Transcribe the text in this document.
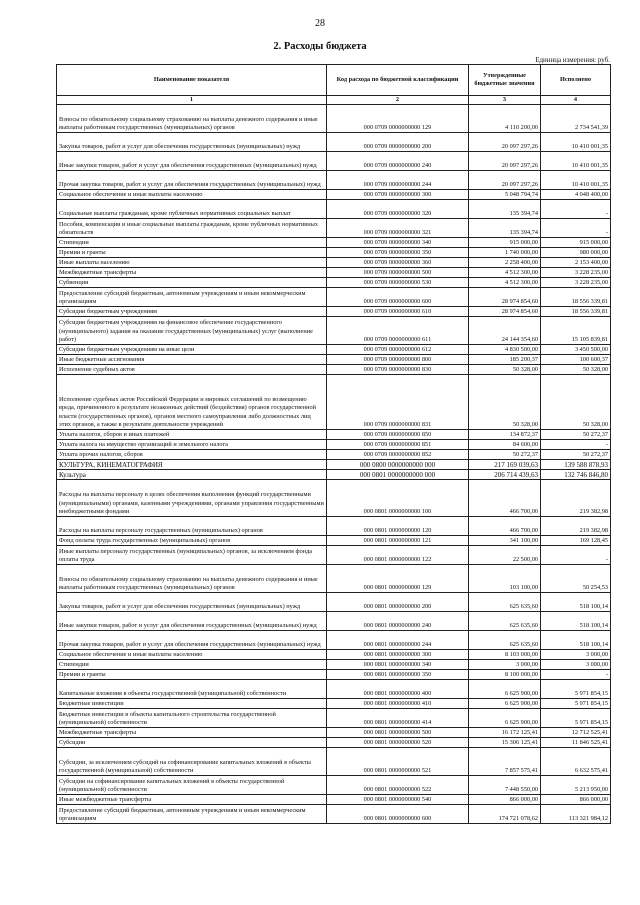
28
2. Расходы бюджета
Единица измерения: руб.
Наименование показателя	Код расхода по бюджетной классификации	Утвержденные бюджетные значения	Исполнено
1	2	3	4
Взносы по обязательному социальному страхованию на выплаты денежного содержания и иные выплаты работникам государственных (муниципальных) органов	000 0709 0000000000 129	4 110 200,00	2 734 541,39
Закупка товаров, работ и услуг для обеспечения государственных (муниципальных) нужд	000 0709 0000000000 200	20 097 297,26	10 410 001,35
Иные закупки товаров, работ и услуг для обеспечения государственных (муниципальных) нужд	000 0709 0000000000 240	20 097 297,26	10 410 001,35
Прочая закупка товаров, работ и услуг для обеспечения государственных (муниципальных) нужд	000 0709 0000000000 244	20 097 297,26	10 410 001,35
Социальное обеспечение и иные выплаты населению	000 0709 0000000000 300	5 048 794,74	4 048 400,00
Социальные выплаты гражданам, кроме публичных нормативных социальных выплат	000 0709 0000000000 320	135 394,74	-
Пособия, компенсации и иные социальные выплаты гражданам, кроме публичных нормативных обязательств	000 0709 0000000000 321	135 394,74	-
Стипендии	000 0709 0000000000 340	915 000,00	915 000,00
Премии и гранты	000 0709 0000000000 350	1 740 000,00	980 000,00
Иные выплаты населению	000 0709 0000000000 360	2 258 400,00	2 153 400,00
Межбюджетные трансферты	000 0709 0000000000 500	4 512 300,00	3 228 235,00
Субвенции	000 0709 0000000000 530	4 512 300,00	3 228 235,00
Предоставление субсидий бюджетным, автономным учреждениям и иным некоммерческим организациям	000 0709 0000000000 600	28 974 854,60	18 556 339,81
Субсидии бюджетным учреждениям	000 0709 0000000000 610	28 974 854,60	18 556 339,81
Субсидии бюджетным учреждениям на финансовое обеспечение государственного (муниципального) задания на оказание государственных (муниципальных) услуг (выполнение работ)	000 0709 0000000000 611	24 144 354,60	15 105 839,81
Субсидии бюджетным учреждениям на иные цели	000 0709 0000000000 612	4 830 500,00	3 450 500,00
Иные бюджетные ассигнования	000 0709 0000000000 800	185 200,37	100 600,37
Исполнение судебных актов	000 0709 0000000000 830	50 328,00	50 328,00
Исполнение судебных актов Российской Федерации и мировых соглашений по возмещению вреда, причиненного в результате незаконных действий (бездействия) органов государственной власти (государственных органов), органов местного самоуправления либо должностных лиц этих органов, а также в результате деятельности учреждений	000 0709 0000000000 831	50 328,00	50 328,00
Уплата налогов, сборов и иных платежей	000 0709 0000000000 850	134 872,37	50 272,37
Уплата налога на имущество организаций и земельного налога	000 0709 0000000000 851	84 600,00	-
Уплата прочих налогов, сборов	000 0709 0000000000 852	50 272,37	50 272,37
КУЛЬТУРА, КИНЕМАТОГРАФИЯ	000 0800 0000000000 000	217 169 039,63	139 588 878,93
Культура	000 0801 0000000000 000	206 714 439,63	132 746 846,80
Расходы на выплаты персоналу в целях обеспечения выполнения функций государственными (муниципальными) органами, казенными учреждениями, органами управления государственными внебюджетными фондами	000 0801 0000000000 100	466 700,00	219 382,98
Расходы на выплаты персоналу государственных (муниципальных) органов	000 0801 0000000000 120	466 700,00	219 382,98
Фонд оплаты труда государственных (муниципальных) органов	000 0801 0000000000 121	341 100,00	169 128,45
Иные выплаты персоналу государственных (муниципальных) органов, за исключением фонда оплаты труда	000 0801 0000000000 122	22 500,00	-
Взносы по обязательному социальному страхованию на выплаты денежного содержания и иные выплаты работникам государственных (муниципальных) органов	000 0801 0000000000 129	103 100,00	50 254,53
Закупка товаров, работ и услуг для обеспечения государственных (муниципальных) нужд	000 0801 0000000000 200	625 635,60	518 100,14
Иные закупки товаров, работ и услуг для обеспечения государственных (муниципальных) нужд	000 0801 0000000000 240	625 635,60	518 100,14
Прочая закупка товаров, работ и услуг для обеспечения государственных (муниципальных) нужд	000 0801 0000000000 244	625 635,60	518 100,14
Социальное обеспечение и иные выплаты населению	000 0801 0000000000 300	8 103 000,00	3 000,00
Стипендии	000 0801 0000000000 340	3 000,00	3 000,00
Премии и гранты	000 0801 0000000000 350	8 100 000,00	-
Капитальные вложения в объекты государственной (муниципальной) собственности	000 0801 0000000000 400	6 625 900,00	5 971 854,15
Бюджетные инвестиции	000 0801 0000000000 410	6 625 900,00	5 971 854,15
Бюджетные инвестиции в объекты капитального строительства государственной (муниципальной) собственности	000 0801 0000000000 414	6 625 900,00	5 971 854,15
Межбюджетные трансферты	000 0801 0000000000 500	16 172 125,41	12 712 525,41
Субсидии	000 0801 0000000000 520	15 306 125,41	11 846 525,41
Субсидии, за исключением субсидий на софинансирование капитальных вложений в объекты государственной (муниципальной) собственности	000 0801 0000000000 521	7 857 575,41	6 632 575,41
Субсидии на софинансирование капитальных вложений в объекты государственной (муниципальной) собственности	000 0801 0000000000 522	7 448 550,00	5 213 950,00
Иные межбюджетные трансферты	000 0801 0000000000 540	866 000,00	866 000,00
Предоставление субсидий бюджетным, автономным учреждениям и иным некоммерческим организациям	000 0801 0000000000 600	174 721 078,62	113 321 984,12
